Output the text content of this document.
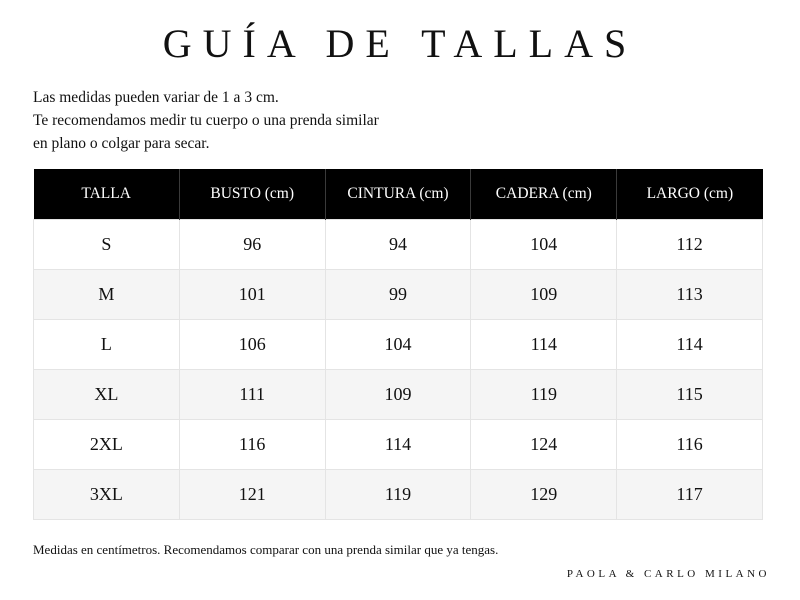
GUÍA DE TALLAS
Las medidas pueden variar de 1 a 3 cm.
Te recomendamos medir tu cuerpo o una prenda similar
en plano o colgar para secar.
TALLA	BUSTO (cm)	CINTURA (cm)	CADERA (cm)	LARGO (cm)
S	96	94	104	112
M	101	99	109	113
L	106	104	114	114
XL	111	109	119	115
2XL	116	114	124	116
3XL	121	119	129	117
Medidas en centímetros. Recomendamos comparar con una prenda similar que ya tengas.
PAOLA & CARLO MILANO
